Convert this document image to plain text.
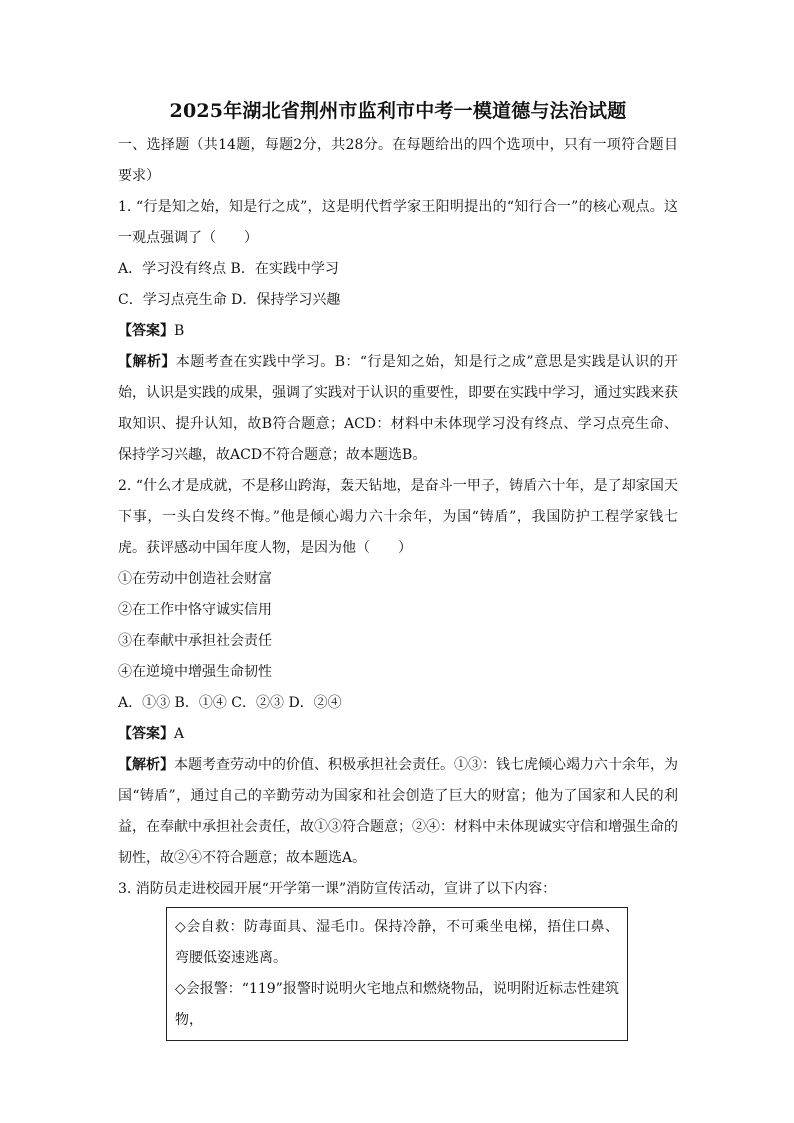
2025年湖北省荆州市监利市中考一模道德与法治试题

一、选择题（共14题，每题2分，共28分。在每题给出的四个选项中，只有一项符合题目要求）

1. “行是知之始，知是行之成”，这是明代哲学家王阳明提出的“知行合一”的核心观点。这一观点强调了（　　）

A．学习没有终点 B．在实践中学习

C．学习点亮生命 D．保持学习兴趣

【答案】B

【解析】本题考查在实践中学习。B：“行是知之始，知是行之成”意思是实践是认识的开始，认识是实践的成果，强调了实践对于认识的重要性，即要在实践中学习，通过实践来获取知识、提升认知，故B符合题意；ACD：材料中未体现学习没有终点、学习点亮生命、保持学习兴趣，故ACD不符合题意；故本题选B。

2. “什么才是成就，不是移山跨海，轰天钻地，是奋斗一甲子，铸盾六十年，是了却家国天下事，一头白发终不悔。”他是倾心竭力六十余年，为国“铸盾”，我国防护工程学家钱七虎。获评感动中国年度人物，是因为他（　　）

①在劳动中创造社会财富

②在工作中恪守诚实信用

③在奉献中承担社会责任

④在逆境中增强生命韧性

A．①③ B．①④ C．②③ D．②④

【答案】A

【解析】本题考查劳动中的价值、积极承担社会责任。①③：钱七虎倾心竭力六十余年，为国“铸盾”，通过自己的辛勤劳动为国家和社会创造了巨大的财富；他为了国家和人民的利益，在奉献中承担社会责任，故①③符合题意；②④：材料中未体现诚实守信和增强生命的韧性，故②④不符合题意；故本题选A。

3. 消防员走进校园开展“开学第一课”消防宣传活动，宣讲了以下内容：

◇会自救：防毒面具、湿毛巾。保持冷静，不可乘坐电梯，捂住口鼻、弯腰低姿速逃离。

◇会报警：“119”报警时说明火宅地点和燃烧物品，说明附近标志性建筑物，
